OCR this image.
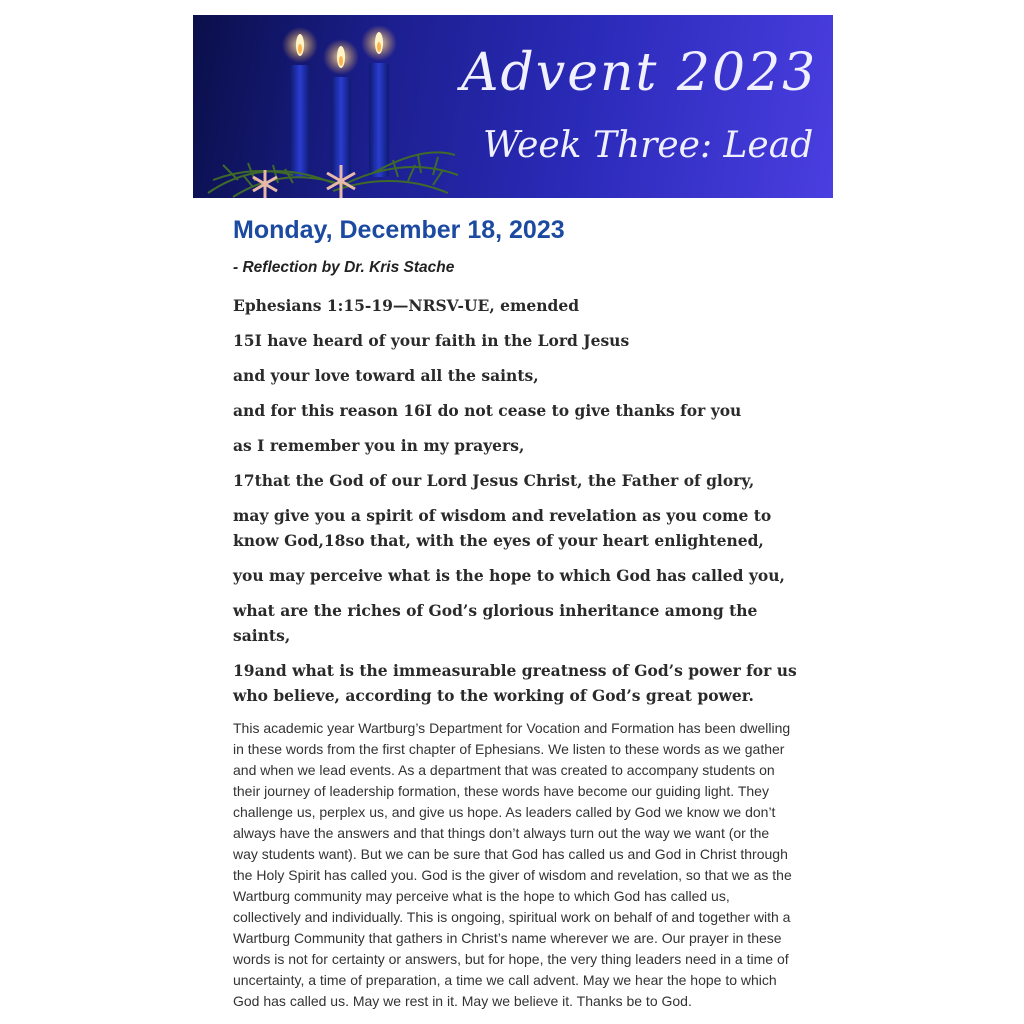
Advent 2023
Week Three: Lead
Monday, December 18, 2023

- Reflection by Dr. Kris Stache

Ephesians 1:15-19—NRSV-UE, emended
15I have heard of your faith in the Lord Jesus
and your love toward all the saints,
and for this reason 16I do not cease to give thanks for you
as I remember you in my prayers,
17that the God of our Lord Jesus Christ, the Father of glory,
may give you a spirit of wisdom and revelation as you come to know God,18so that, with the eyes of your heart enlightened,
you may perceive what is the hope to which God has called you,
what are the riches of God’s glorious inheritance among the saints,
19and what is the immeasurable greatness of God’s power for us who believe, according to the working of God’s great power.

This academic year Wartburg’s Department for Vocation and Formation has been dwelling in these words from the first chapter of Ephesians. We listen to these words as we gather and when we lead events. As a department that was created to accompany students on their journey of leadership formation, these words have become our guiding light. They challenge us, perplex us, and give us hope. As leaders called by God we know we don’t always have the answers and that things don’t always turn out the way we want (or the way students want). But we can be sure that God has called us and God in Christ through the Holy Spirit has called you. God is the giver of wisdom and revelation, so that we as the Wartburg community may perceive what is the hope to which God has called us, collectively and individually. This is ongoing, spiritual work on behalf of and together with a Wartburg Community that gathers in Christ’s name wherever we are. Our prayer in these words is not for certainty or answers, but for hope, the very thing leaders need in a time of uncertainty, a time of preparation, a time we call advent. May we hear the hope to which God has called us. May we rest in it. May we believe it. Thanks be to God.
